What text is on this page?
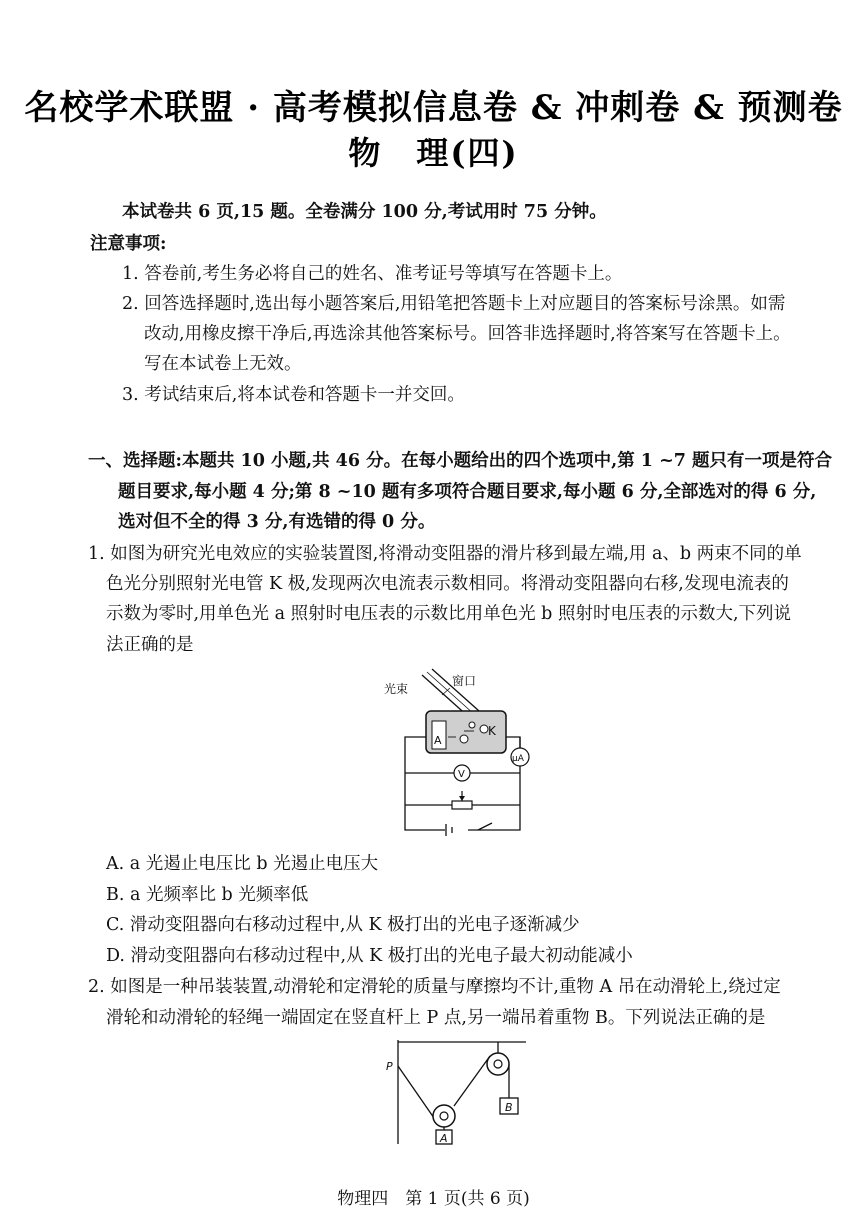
名校学术联盟 · 高考模拟信息卷 & 冲刺卷 & 预测卷
物　理(四)
本试卷共 6 页,15 题。全卷满分 100 分,考试用时 75 分钟。
注意事项:
1. 答卷前,考生务必将自己的姓名、准考证号等填写在答题卡上。
2. 回答选择题时,选出每小题答案后,用铅笔把答题卡上对应题目的答案标号涂黑。如需
改动,用橡皮擦干净后,再选涂其他答案标号。回答非选择题时,将答案写在答题卡上。
写在本试卷上无效。
3. 考试结束后,将本试卷和答题卡一并交回。
一、选择题:本题共 10 小题,共 46 分。在每小题给出的四个选项中,第 1 ~7 题只有一项是符合
题目要求,每小题 4 分;第 8 ~10 题有多项符合题目要求,每小题 6 分,全部选对的得 6 分,
选对但不全的得 3 分,有选错的得 0 分。
1. 如图为研究光电效应的实验装置图,将滑动变阻器的滑片移到最左端,用 a、b 两束不同的单
色光分别照射光电管 K 极,发现两次电流表示数相同。将滑动变阻器向右移,发现电流表的
示数为零时,用单色光 a 照射时电压表的示数比用单色光 b 照射时电压表的示数大,下列说
法正确的是
光束
窗口
A
K
μA
V
A. a 光遏止电压比 b 光遏止电压大
B. a 光频率比 b 光频率低
C. 滑动变阻器向右移动过程中,从 K 极打出的光电子逐渐减少
D. 滑动变阻器向右移动过程中,从 K 极打出的光电子最大初动能减小
2. 如图是一种吊装装置,动滑轮和定滑轮的质量与摩擦均不计,重物 A 吊在动滑轮上,绕过定
滑轮和动滑轮的轻绳一端固定在竖直杆上 P 点,另一端吊着重物 B。下列说法正确的是
P
B
A
物理四　第 1 页(共 6 页)
